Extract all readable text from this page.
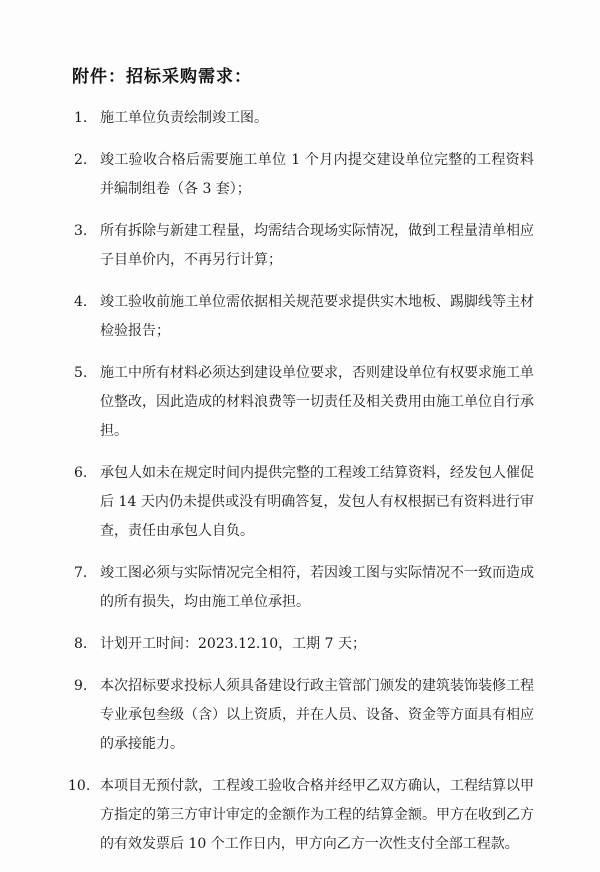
附件：招标采购需求：
1. 施工单位负责绘制竣工图。
2. 竣工验收合格后需要施工单位 1 个月内提交建设单位完整的工程资料并编制组卷（各 3 套）；
3. 所有拆除与新建工程量，均需结合现场实际情况，做到工程量清单相应子目单价内，不再另行计算；
4. 竣工验收前施工单位需依据相关规范要求提供实木地板、踢脚线等主材检验报告；
5. 施工中所有材料必须达到建设单位要求，否则建设单位有权要求施工单位整改，因此造成的材料浪费等一切责任及相关费用由施工单位自行承担。
6. 承包人如未在规定时间内提供完整的工程竣工结算资料，经发包人催促后 14 天内仍未提供或没有明确答复，发包人有权根据已有资料进行审查，责任由承包人自负。
7. 竣工图必须与实际情况完全相符，若因竣工图与实际情况不一致而造成的所有损失，均由施工单位承担。
8. 计划开工时间：2023.12.10，工期 7 天；
9. 本次招标要求投标人须具备建设行政主管部门颁发的建筑装饰装修工程专业承包叁级（含）以上资质，并在人员、设备、资金等方面具有相应的承接能力。
10. 本项目无预付款，工程竣工验收合格并经甲乙双方确认，工程结算以甲方指定的第三方审计审定的金额作为工程的结算金额。甲方在收到乙方的有效发票后 10 个工作日内，甲方向乙方一次性支付全部工程款。
